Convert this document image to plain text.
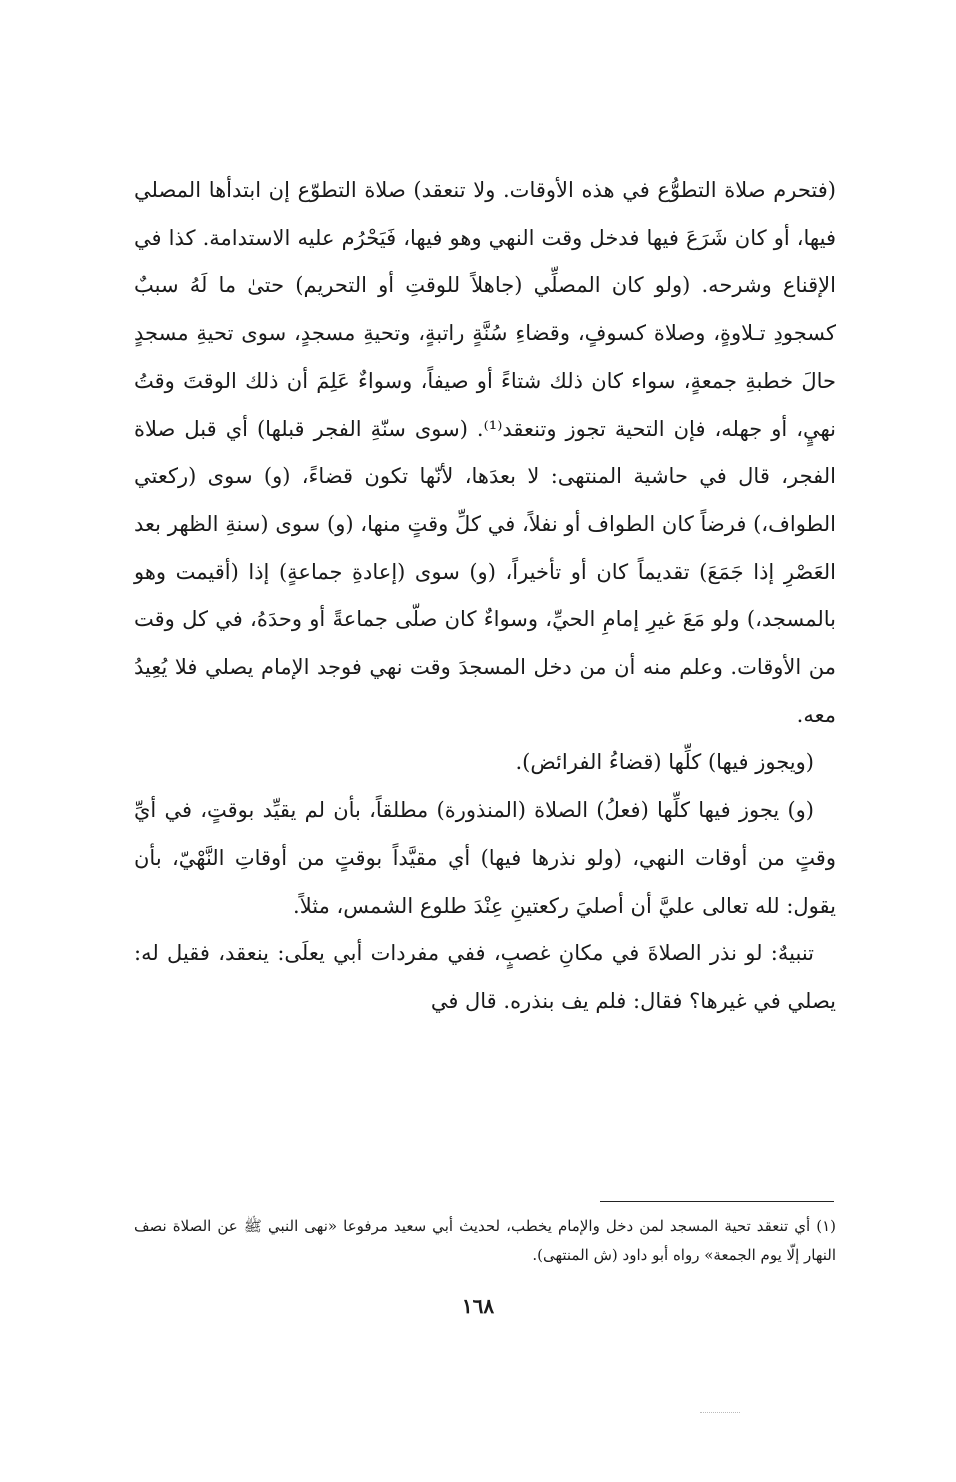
(فتحرم صلاة التطوُّع في هذه الأوقات. ولا تنعقد) صلاة التطوّع إن ابتدأها المصلي فيها، أو كان شَرَعَ فيها فدخل وقت النهي وهو فيها، فَيَحْرُم عليه الاستدامة. كذا في الإقناع وشرحه. (ولو كان المصلِّي (جاهلاً للوقتِ أو التحريم) حتىٰ ما لَهُ سببٌ كسجودِ تـلاوةٍ، وصلاة كسوفٍ، وقضاءِ سُنَّةٍ راتبةٍ، وتحيةِ مسجدٍ، سوى تحيةِ مسجدٍ حالَ خطبةِ جمعةٍ، سواء كان ذلك شتاءً أو صيفاً، وسواءٌ عَلِمَ أن ذلك الوقتَ وقتُ نهيٍ، أو جهله، فإن التحية تجوز وتنعقد⁽¹⁾. (سوى سنّةِ الفجر قبلها) أي قبل صلاة الفجر، قال في حاشية المنتهى: لا بعدَها، لأنّها تكون قضاءً، (و) سوى (ركعتي الطواف،) فرضاً كان الطواف أو نفلاً، في كلِّ وقتٍ منها، (و) سوى (سنةِ الظهر بعد العَصْرِ إذا جَمَعَ) تقديماً كان أو تأخيراً، (و) سوى (إعادةِ جماعةٍ) إذا (أقيمت وهو بالمسجد،) ولو مَعَ غيرِ إمامِ الحيِّ، وسواءٌ كان صلّى جماعةً أو وحدَهُ، في كل وقت من الأوقات. وعلم منه أن من دخل المسجدَ وقت نهي فوجد الإمام يصلي فلا يُعِيدُ معه.

(ويجوز فيها) كلِّها (قضاءُ الفرائض).

(و) يجوز فيها كلِّها (فعلُ) الصلاة (المنذورة) مطلقاً، بأن لم يقيِّد بوقتٍ، في أيِّ وقتٍ من أوقات النهي، (ولو نذرها فيها) أي مقيَّداً بوقتٍ من أوقاتِ النَّهْيّ، بأن يقول: لله تعالى عليَّ أن أصليَ ركعتينِ عِنْدَ طلوع الشمس، مثلاً.

تنبيهٌ: لو نذر الصلاةَ في مكانِ غصبٍ، ففي مفردات أبي يعلَى: ينعقد، فقيل له: يصلي في غيرها؟ فقال: فلم يف بنذره. قال في

(١) أي تنعقد تحية المسجد لمن دخل والإمام يخطب، لحديث أبي سعيد مرفوعا «نهى النبي ﷺ عن الصلاة نصف النهار إلّا يوم الجمعة» رواه أبو داود (ش المنتهى).

١٦٨
